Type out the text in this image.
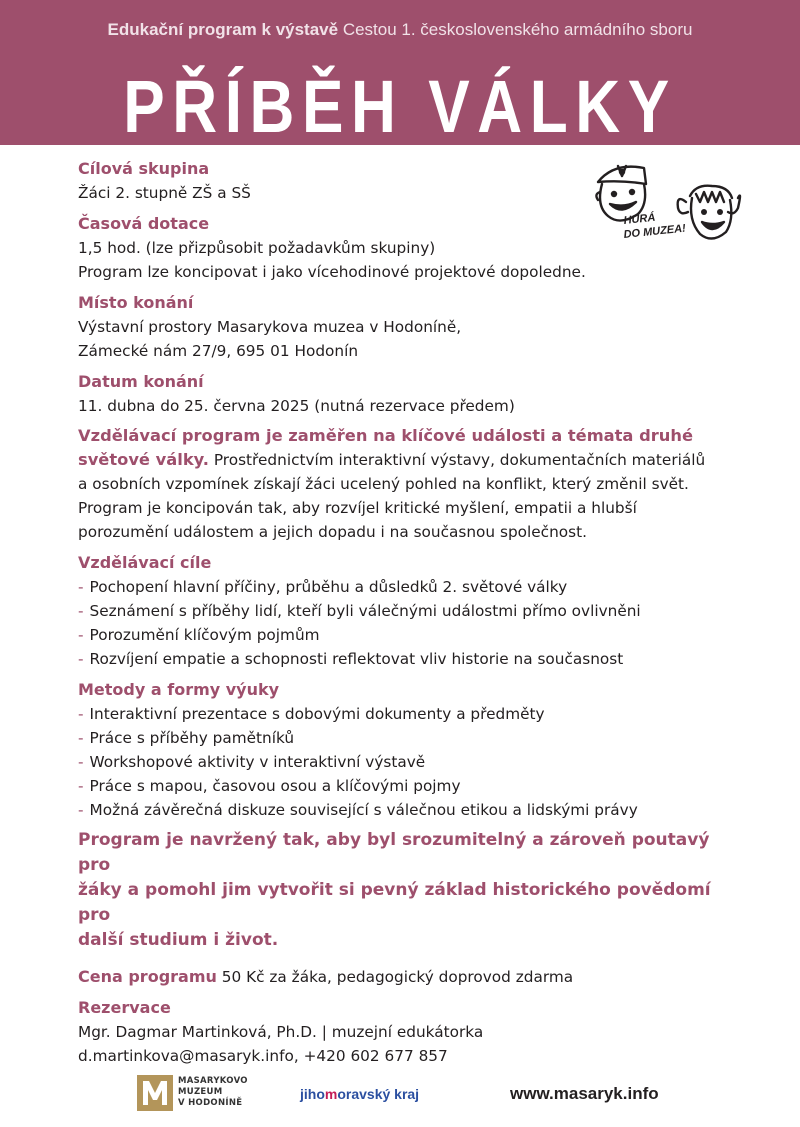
Edukační program k výstavě Cestou 1. československého armádního sboru
PŘÍBĚH VÁLKY
HURÁ
DO MUZEA!

Cílová skupina

Žáci 2. stupně ZŠ a SŠ

Časová dotace

1,5 hod. (lze přizpůsobit požadavkům skupiny)

Program lze koncipovat i jako vícehodinové projektové dopoledne.

Místo konání

Výstavní prostory Masarykova muzea v Hodoníně,

Zámecké nám 27/9, 695 01 Hodonín

Datum konání

11. dubna do 25. června 2025 (nutná rezervace předem)

Vzdělávací program je zaměřen na klíčové události a témata druhé
světové války. Prostřednictvím interaktivní výstavy, dokumentačních materiálů
a osobních vzpomínek získají žáci ucelený pohled na konflikt, který změnil svět.
Program je koncipován tak, aby rozvíjel kritické myšlení, empatii a hlubší
porozumění událostem a jejich dopadu i na současnou společnost.

Vzdělávací cíle

- Pochopení hlavní příčiny, průběhu a důsledků 2. světové války
- Seznámení s příběhy lidí, kteří byli válečnými událostmi přímo ovlivněni
- Porozumění klíčovým pojmům
- Rozvíjení empatie a schopnosti reflektovat vliv historie na současnost

Metody a formy výuky

- Interaktivní prezentace s dobovými dokumenty a předměty
- Práce s příběhy pamětníků
- Workshopové aktivity v interaktivní výstavě
- Práce s mapou, časovou osou a klíčovými pojmy
- Možná závěrečná diskuze související s válečnou etikou a lidskými právy

Program je navržený tak, aby byl srozumitelný a zároveň poutavý pro

žáky a pomohl jim vytvořit si pevný základ historického povědomí pro

další studium i život.

Cena programu 50 Kč za žáka, pedagogický doprovod zdarma

Rezervace

Mgr. Dagmar Martinková, Ph.D. | muzejní edukátorka

d.martinkova@masaryk.info, +420 602 677 857

MASARYKOVO
MUZEUM
V HODONÍNĚ
jihomoravský kraj	www.masaryk.info
